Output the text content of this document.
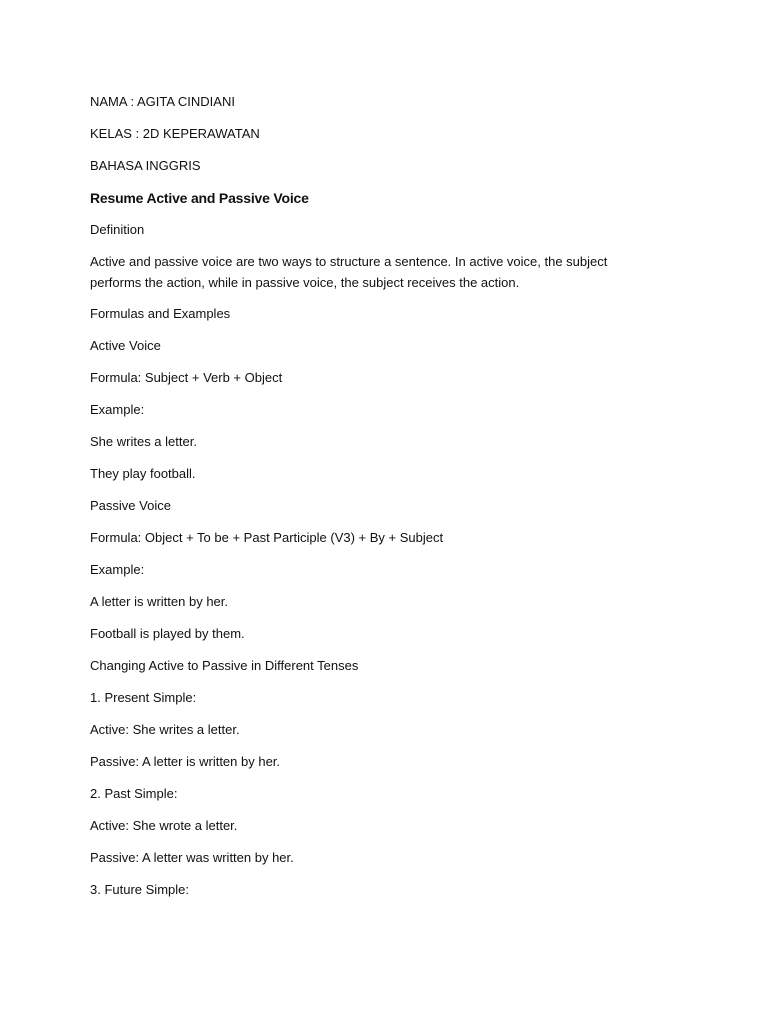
NAMA : AGITA CINDIANI

KELAS : 2D KEPERAWATAN

BAHASA INGGRIS

Resume Active and Passive Voice

Definition

Active and passive voice are two ways to structure a sentence. In active voice, the subject performs the action, while in passive voice, the subject receives the action.

Formulas and Examples

Active Voice

Formula: Subject + Verb + Object

Example:

She writes a letter.

They play football.

Passive Voice

Formula: Object + To be + Past Participle (V3) + By + Subject

Example:

A letter is written by her.

Football is played by them.

Changing Active to Passive in Different Tenses

1. Present Simple:

Active: She writes a letter.

Passive: A letter is written by her.

2. Past Simple:

Active: She wrote a letter.

Passive: A letter was written by her.

3. Future Simple:
